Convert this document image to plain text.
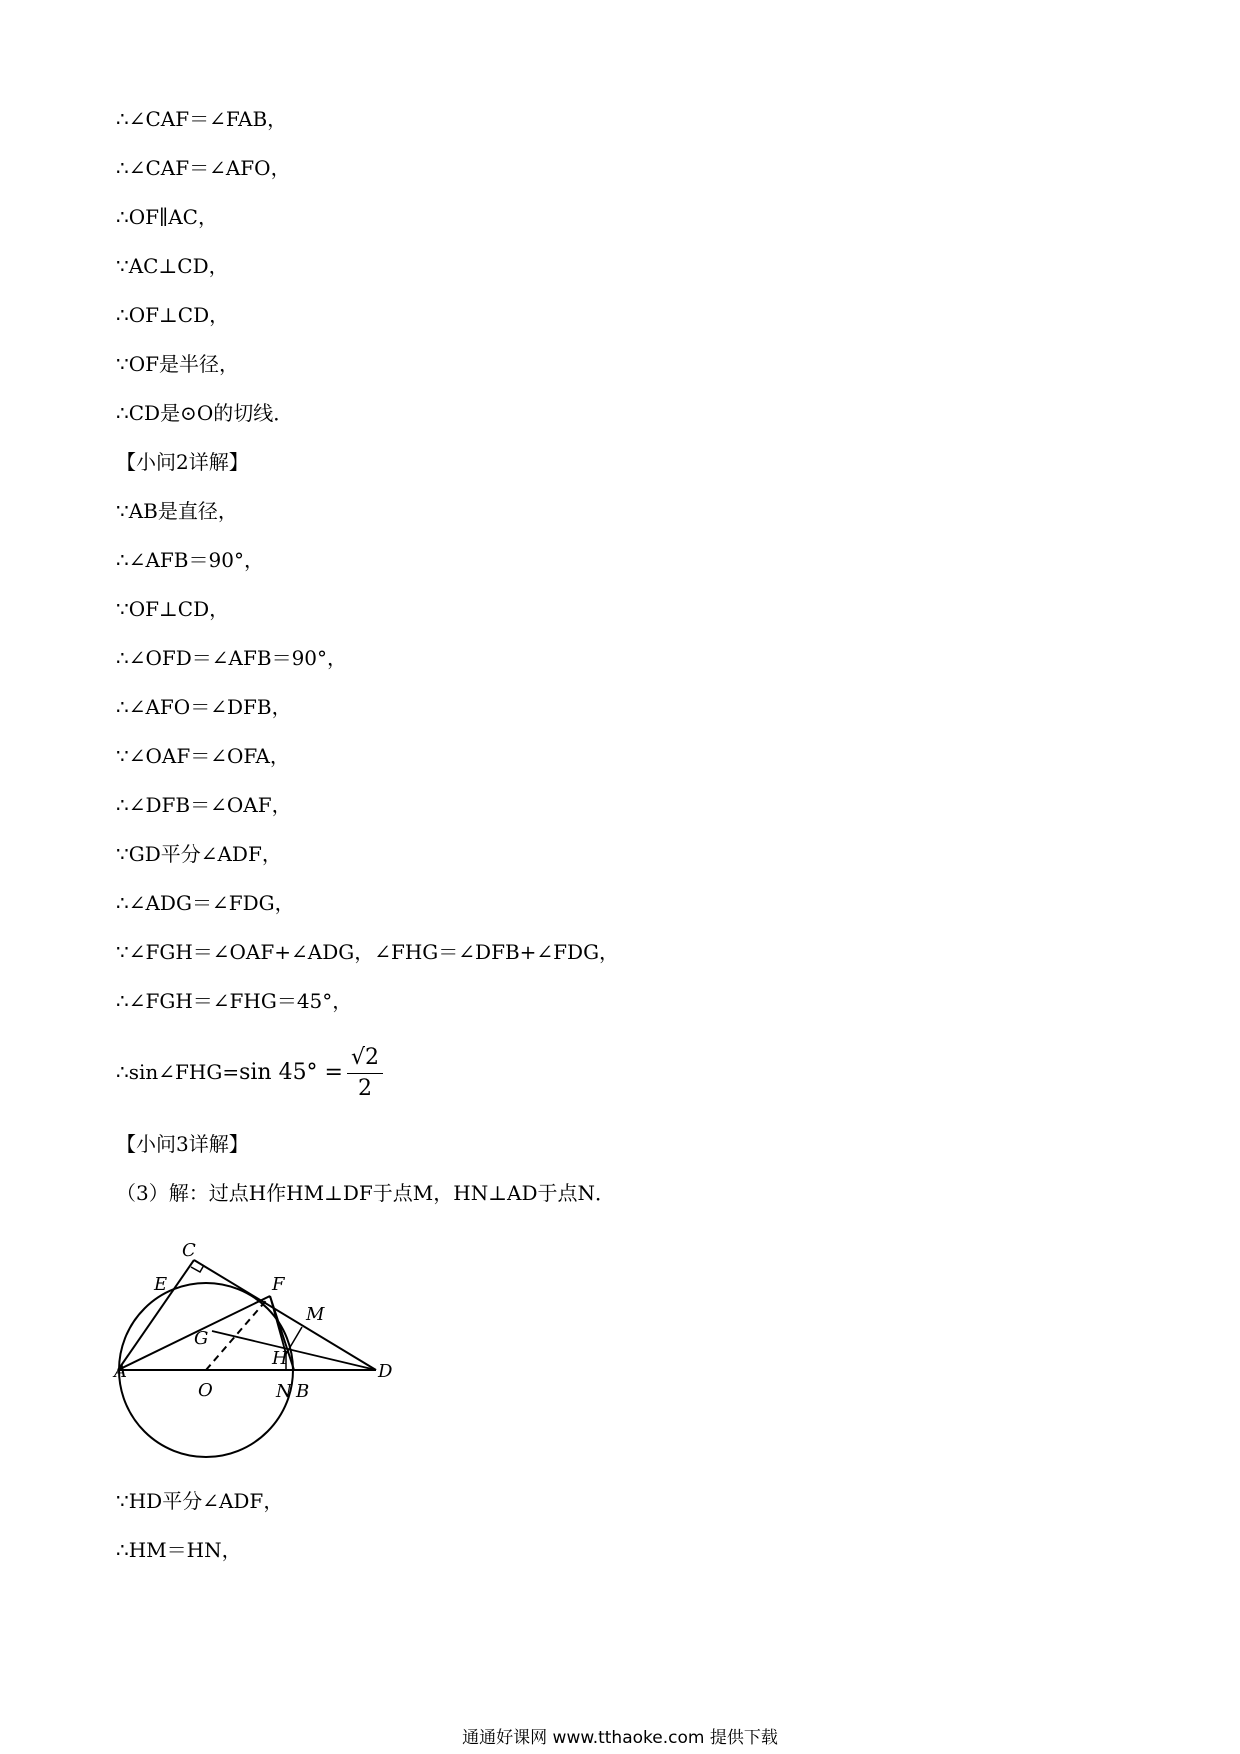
∴∠CAF＝∠FAB，
∴∠CAF＝∠AFO，
∴OF∥AC，
∵AC⊥CD，
∴OF⊥CD，
∵OF是半径，
∴CD是⊙O的切线．
【小问2详解】
∵AB是直径，
∴∠AFB＝90°，
∵OF⊥CD，
∴∠OFD＝∠AFB＝90°，
∴∠AFO＝∠DFB，
∵∠OAF＝∠OFA，
∴∠DFB＝∠OAF，
∵GD平分∠ADF，
∴∠ADG＝∠FDG，
∵∠FGH＝∠OAF+∠ADG，∠FHG＝∠DFB+∠FDG，
∴∠FGH＝∠FHG＝45°，
∴sin∠FHG=sin $45^\circ = \frac{√2}{2}$
【小问3详解】
（3）解：过点H作HM⊥DF于点M，HN⊥AD于点N．
C
E	F
M
G
A
H
D
O	N B
∵HD平分∠ADF，
∴HM＝HN，
通通好课网 www.tthaoke.com 提供下载
